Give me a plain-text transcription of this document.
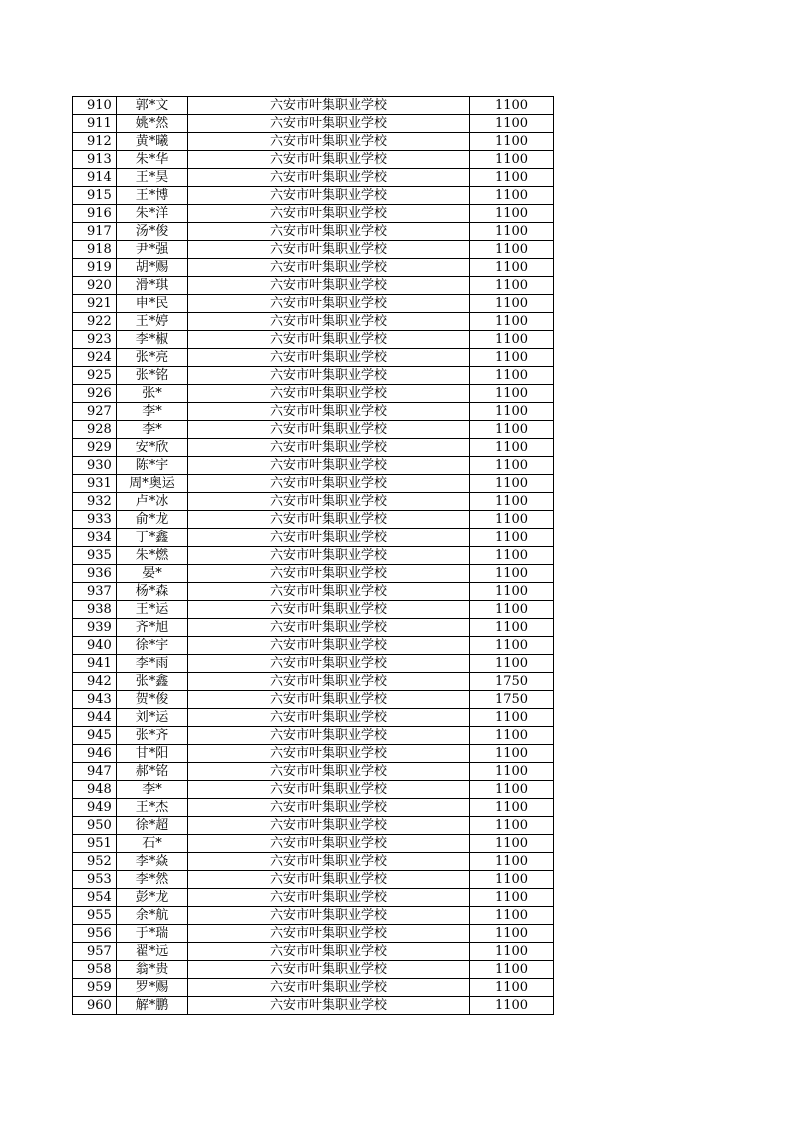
910	郭*文	六安市叶集职业学校	1100
911	姚*然	六安市叶集职业学校	1100
912	黄*曦	六安市叶集职业学校	1100
913	朱*华	六安市叶集职业学校	1100
914	王*昊	六安市叶集职业学校	1100
915	王*博	六安市叶集职业学校	1100
916	朱*洋	六安市叶集职业学校	1100
917	汤*俊	六安市叶集职业学校	1100
918	尹*强	六安市叶集职业学校	1100
919	胡*赐	六安市叶集职业学校	1100
920	滑*琪	六安市叶集职业学校	1100
921	申*民	六安市叶集职业学校	1100
922	王*婷	六安市叶集职业学校	1100
923	李*椒	六安市叶集职业学校	1100
924	张*亮	六安市叶集职业学校	1100
925	张*铭	六安市叶集职业学校	1100
926	张*	六安市叶集职业学校	1100
927	李*	六安市叶集职业学校	1100
928	李*	六安市叶集职业学校	1100
929	安*欣	六安市叶集职业学校	1100
930	陈*宇	六安市叶集职业学校	1100
931	周*奥运	六安市叶集职业学校	1100
932	卢*冰	六安市叶集职业学校	1100
933	俞*龙	六安市叶集职业学校	1100
934	丁*鑫	六安市叶集职业学校	1100
935	朱*燃	六安市叶集职业学校	1100
936	晏*	六安市叶集职业学校	1100
937	杨*森	六安市叶集职业学校	1100
938	王*运	六安市叶集职业学校	1100
939	齐*旭	六安市叶集职业学校	1100
940	徐*宇	六安市叶集职业学校	1100
941	李*雨	六安市叶集职业学校	1100
942	张*鑫	六安市叶集职业学校	1750
943	贺*俊	六安市叶集职业学校	1750
944	刘*运	六安市叶集职业学校	1100
945	张*齐	六安市叶集职业学校	1100
946	甘*阳	六安市叶集职业学校	1100
947	郝*铭	六安市叶集职业学校	1100
948	李*	六安市叶集职业学校	1100
949	王*杰	六安市叶集职业学校	1100
950	徐*超	六安市叶集职业学校	1100
951	石*	六安市叶集职业学校	1100
952	李*焱	六安市叶集职业学校	1100
953	李*然	六安市叶集职业学校	1100
954	彭*龙	六安市叶集职业学校	1100
955	余*航	六安市叶集职业学校	1100
956	于*瑞	六安市叶集职业学校	1100
957	翟*远	六安市叶集职业学校	1100
958	翁*贵	六安市叶集职业学校	1100
959	罗*赐	六安市叶集职业学校	1100
960	解*鹏	六安市叶集职业学校	1100
